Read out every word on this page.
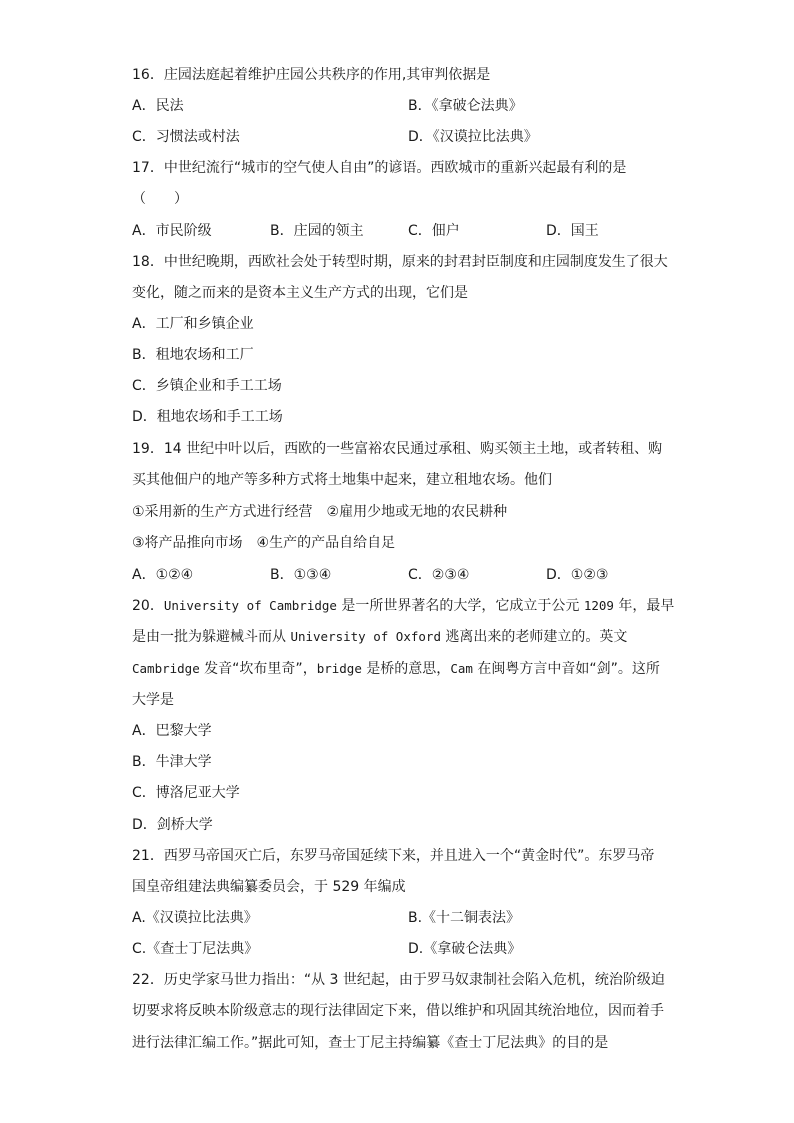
16．庄园法庭起着维护庄园公共秩序的作用,其审判依据是
A．民法	B．《拿破仑法典》
C．习惯法或村法	D．《汉谟拉比法典》
17．中世纪流行“城市的空气使人自由”的谚语。西欧城市的重新兴起最有利的是
（　　）
A．市民阶级	B．庄园的领主	C．佃户	D．国王
18．中世纪晚期，西欧社会处于转型时期，原来的封君封臣制度和庄园制度发生了很大
变化，随之而来的是资本主义生产方式的出现，它们是
A．工厂和乡镇企业
B．租地农场和工厂
C．乡镇企业和手工工场
D．租地农场和手工工场
19．14 世纪中叶以后，西欧的一些富裕农民通过承租、购买领主土地，或者转租、购
买其他佃户的地产等多种方式将土地集中起来，建立租地农场。他们
①采用新的生产方式进行经营　②雇用少地或无地的农民耕种
③将产品推向市场　④生产的产品自给自足
A．①②④	B．①③④	C．②③④	D．①②③
20．University of Cambridge 是一所世界著名的大学，它成立于公元 1209 年，最早
是由一批为躲避械斗而从 University of Oxford 逃离出来的老师建立的。英文
Cambridge 发音“坎布里奇”，bridge 是桥的意思，Cam 在闽粤方言中音如“剑”。这所
大学是
A．巴黎大学
B．牛津大学
C．博洛尼亚大学
D．剑桥大学
21．西罗马帝国灭亡后，东罗马帝国延续下来，并且进入一个“黄金时代”。东罗马帝
国皇帝组建法典编纂委员会，于 529 年编成
A.《汉谟拉比法典》	B.《十二铜表法》
C.《查士丁尼法典》	D.《拿破仑法典》
22．历史学家马世力指出：“从 3 世纪起，由于罗马奴隶制社会陷入危机，统治阶级迫
切要求将反映本阶级意志的现行法律固定下来，借以维护和巩固其统治地位，因而着手
进行法律汇编工作。”据此可知，查士丁尼主持编纂《查士丁尼法典》的目的是
